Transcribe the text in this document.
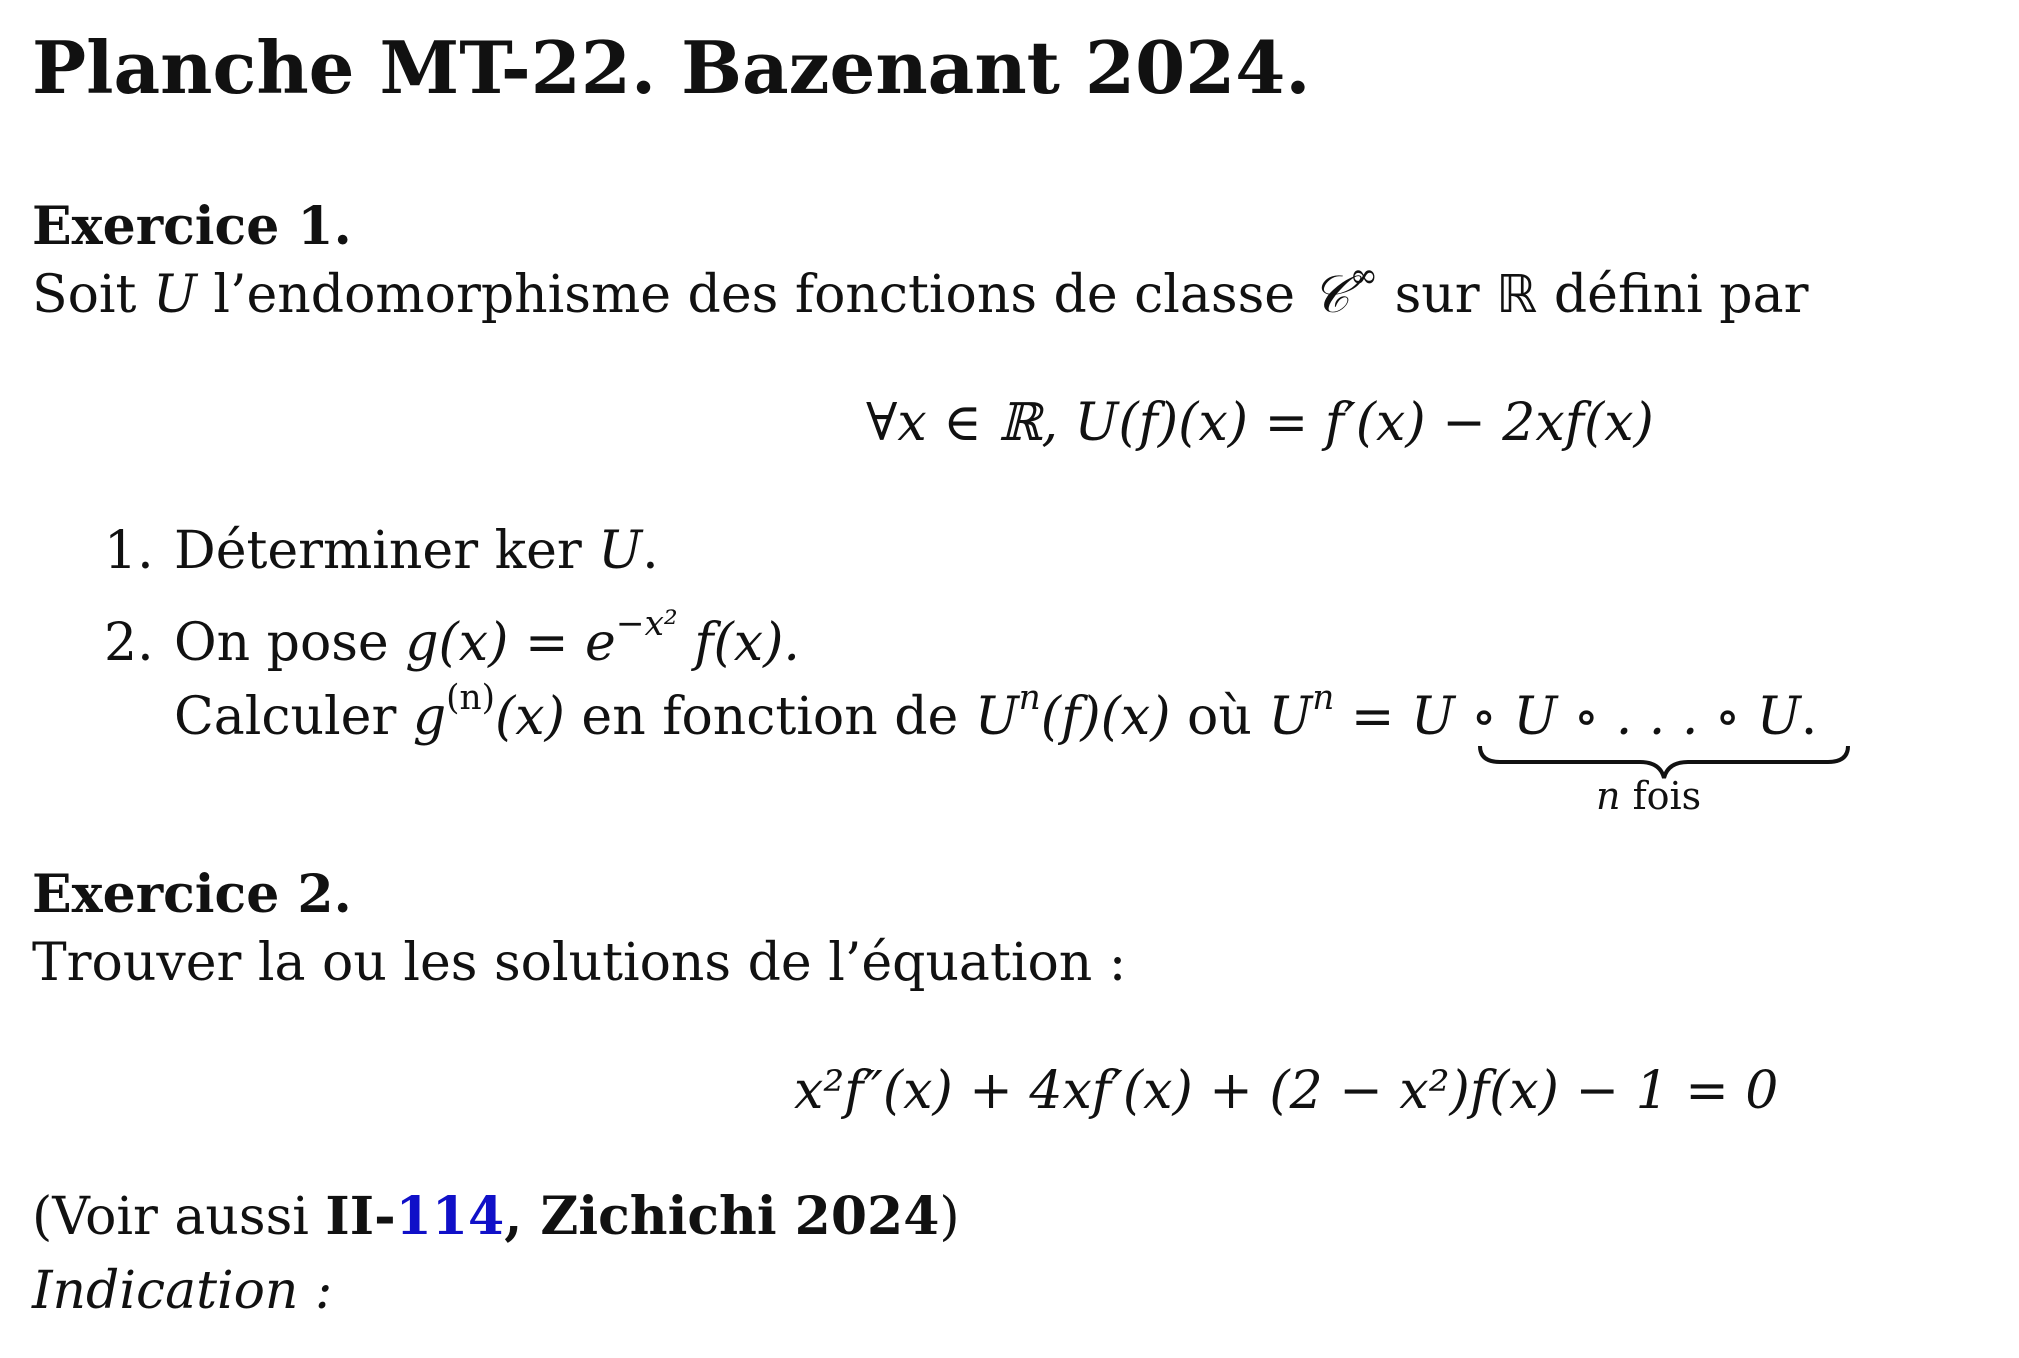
Planche MT-22. Bazenant 2024.
Exercice 1.
Soit U l’endomorphisme des fonctions de classe 𝒞∞ sur ℝ défini par
∀x ∈ ℝ, U(f)(x) = f′(x) − 2xf(x)
1. Déterminer ker U.
2. On pose $g(x) = e^{-x^2}$ f(x).
Calculer $g^{(n)}(x)$ en fonction de $U^n(f)(x)$ où $U^n = U$ ∘ U ∘ . . . ∘ U.
n fois
Exercice 2.
Trouver la ou les solutions de l’équation :
x²f″(x) + 4xf′(x) + (2 − x²)f(x) − 1 = 0
(Voir aussi II-114, Zichichi 2024)
Indication :
